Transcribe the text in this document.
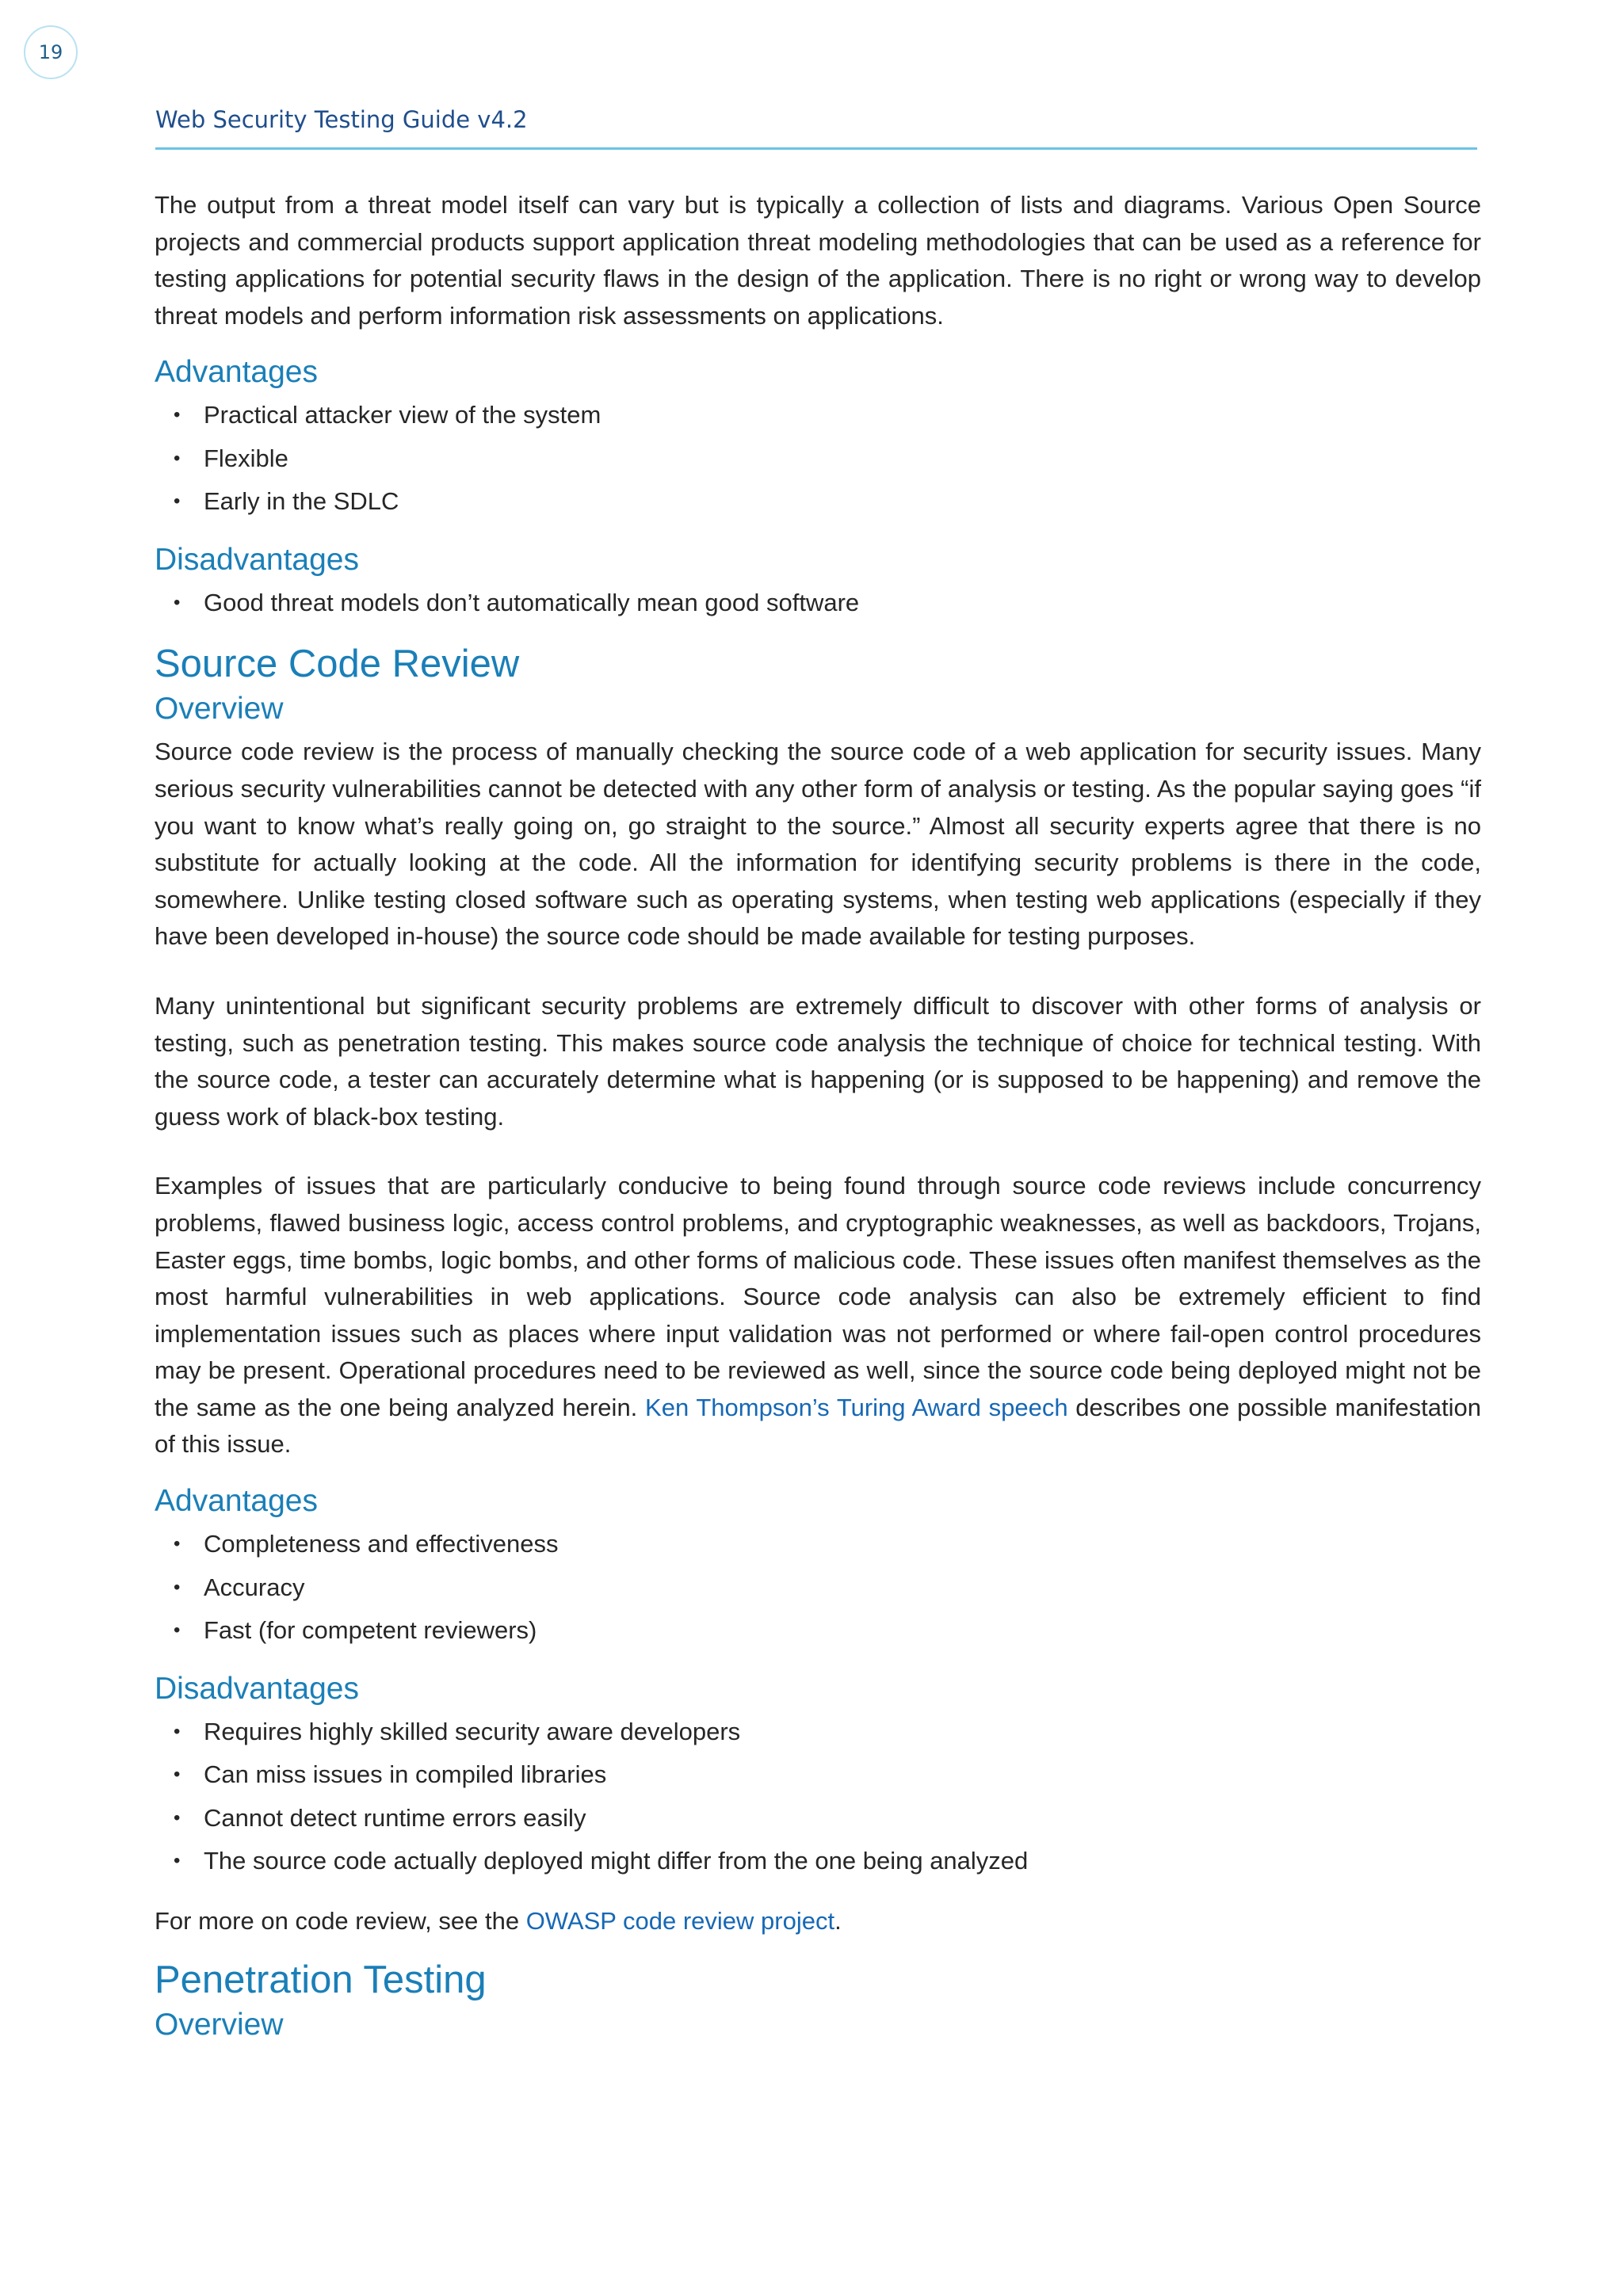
19
Web Security Testing Guide v4.2

The output from a threat model itself can vary but is typically a collection of lists and diagrams. Various Open Source projects and commercial products support application threat modeling methodologies that can be used as a reference for testing applications for potential security flaws in the design of the application. There is no right or wrong way to develop threat models and perform information risk assessments on applications.

Advantages
• Practical attacker view of the system
• Flexible
• Early in the SDLC
Disadvantages
• Good threat models don’t automatically mean good software
Source Code Review
Overview

Source code review is the process of manually checking the source code of a web application for security issues. Many serious security vulnerabilities cannot be detected with any other form of analysis or testing. As the popular saying goes “if you want to know what’s really going on, go straight to the source.” Almost all security experts agree that there is no substitute for actually looking at the code. All the information for identifying security problems is there in the code, somewhere. Unlike testing closed software such as operating systems, when testing web applications (especially if they have been developed in-house) the source code should be made available for testing purposes.

Many unintentional but significant security problems are extremely difficult to discover with other forms of analysis or testing, such as penetration testing. This makes source code analysis the technique of choice for technical testing. With the source code, a tester can accurately determine what is happening (or is supposed to be happening) and remove the guess work of black-box testing.

Examples of issues that are particularly conducive to being found through source code reviews include concurrency problems, flawed business logic, access control problems, and cryptographic weaknesses, as well as backdoors, Trojans, Easter eggs, time bombs, logic bombs, and other forms of malicious code. These issues often manifest themselves as the most harmful vulnerabilities in web applications. Source code analysis can also be extremely efficient to find implementation issues such as places where input validation was not performed or where fail-open control procedures may be present. Operational procedures need to be reviewed as well, since the source code being deployed might not be the same as the one being analyzed herein. Ken Thompson’s Turing Award speech describes one possible manifestation of this issue.

Advantages
• Completeness and effectiveness
• Accuracy
• Fast (for competent reviewers)
Disadvantages
• Requires highly skilled security aware developers
• Can miss issues in compiled libraries
• Cannot detect runtime errors easily
• The source code actually deployed might differ from the one being analyzed

For more on code review, see the OWASP code review project.

Penetration Testing
Overview
